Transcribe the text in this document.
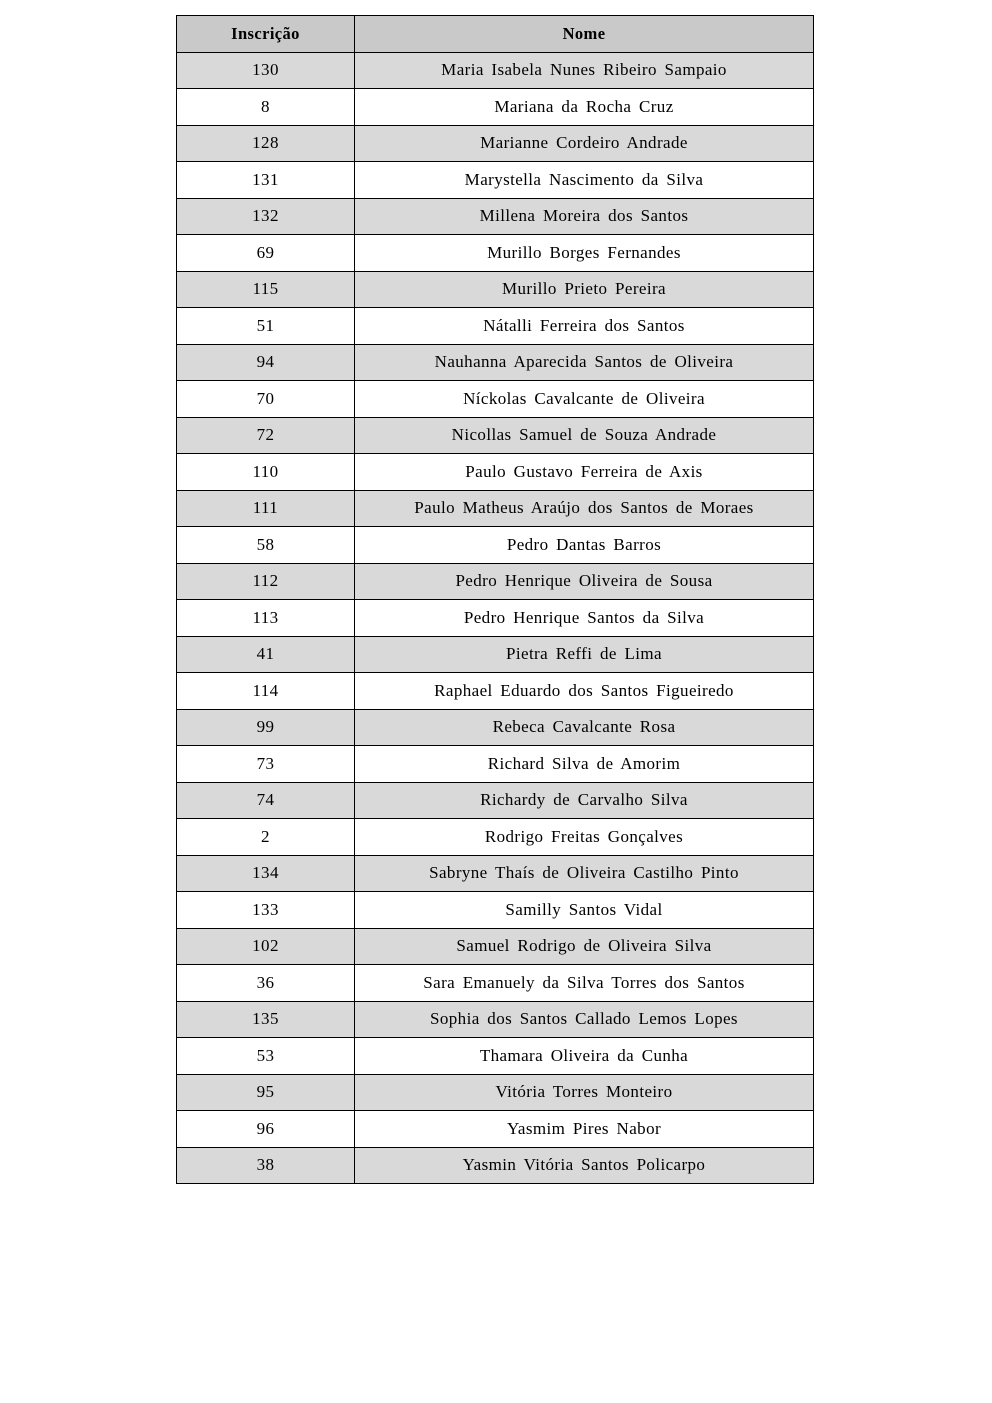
Inscrição	Nome
130	Maria Isabela Nunes Ribeiro Sampaio
8	Mariana da Rocha Cruz
128	Marianne Cordeiro Andrade
131	Marystella Nascimento da Silva
132	Millena Moreira dos Santos
69	Murillo Borges Fernandes
115	Murillo Prieto Pereira
51	Nátalli Ferreira dos Santos
94	Nauhanna Aparecida Santos de Oliveira
70	Níckolas Cavalcante de Oliveira
72	Nicollas Samuel de Souza Andrade
110	Paulo Gustavo Ferreira de Axis
111	Paulo Matheus Araújo dos Santos de Moraes
58	Pedro Dantas Barros
112	Pedro Henrique Oliveira de Sousa
113	Pedro Henrique Santos da Silva
41	Pietra Reffi de Lima
114	Raphael Eduardo dos Santos Figueiredo
99	Rebeca Cavalcante Rosa
73	Richard Silva de Amorim
74	Richardy de Carvalho Silva
2	Rodrigo Freitas Gonçalves
134	Sabryne Thaís de Oliveira Castilho Pinto
133	Samilly Santos Vidal
102	Samuel Rodrigo de Oliveira Silva
36	Sara Emanuely da Silva Torres dos Santos
135	Sophia dos Santos Callado Lemos Lopes
53	Thamara Oliveira da Cunha
95	Vitória Torres Monteiro
96	Yasmim Pires Nabor
38	Yasmin Vitória Santos Policarpo
